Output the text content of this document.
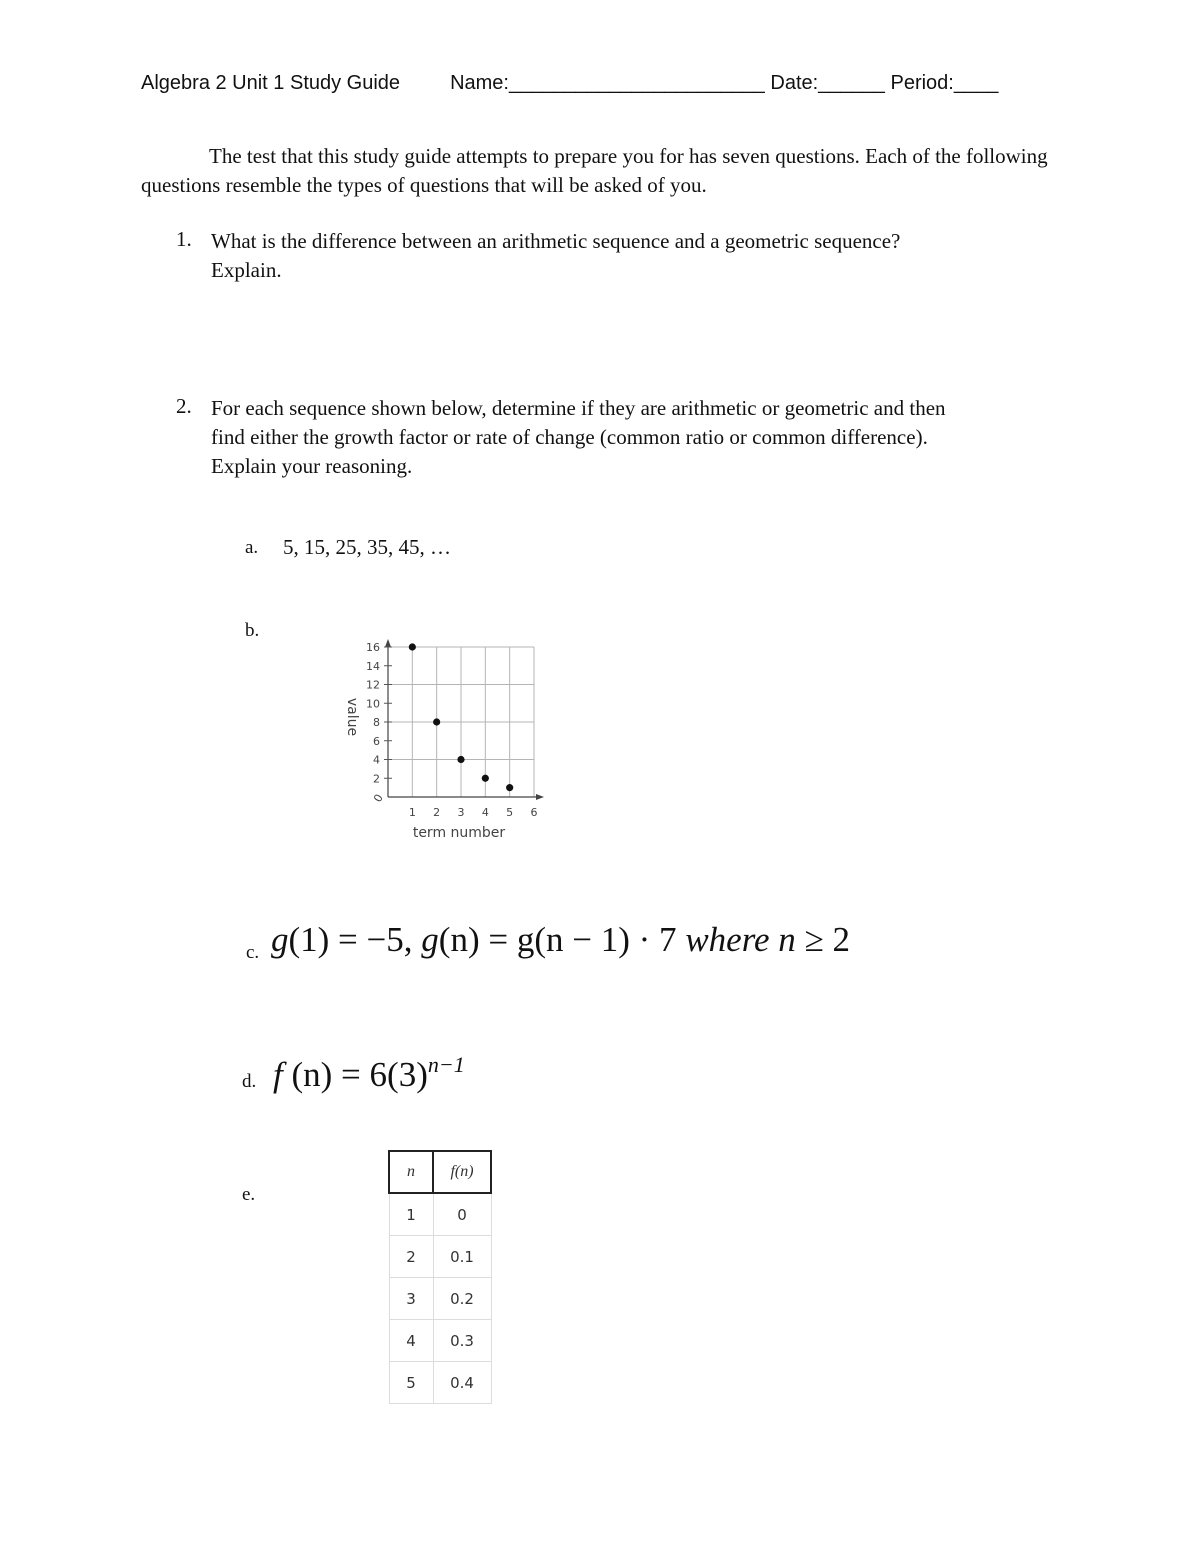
Algebra 2 Unit 1 Study Guide	Name:_______________________ Date:______ Period:____
The test that this study guide attempts to prepare you for has seven questions. Each of the following questions resemble the types of questions that will be asked of you.
1. What is the difference between an arithmetic sequence and a geometric sequence?
Explain.
2. For each sequence shown below, determine if they are arithmetic or geometric and then
find either the growth factor or rate of change (common ratio or common difference).
Explain your reasoning.
a. 5, 15, 25, 35, 45, …
b.
2
4
6
8
10
12
14
16
1 2 3 4 5 6
0
term number
value
c. g(1) = −5, g(n) = g(n − 1) · 7 where n ≥ 2
d. f $(n) = 6(3)^{n-1}$
e.
n	f(n)
1	0
2	0.1
3	0.2
4	0.3
5	0.4
